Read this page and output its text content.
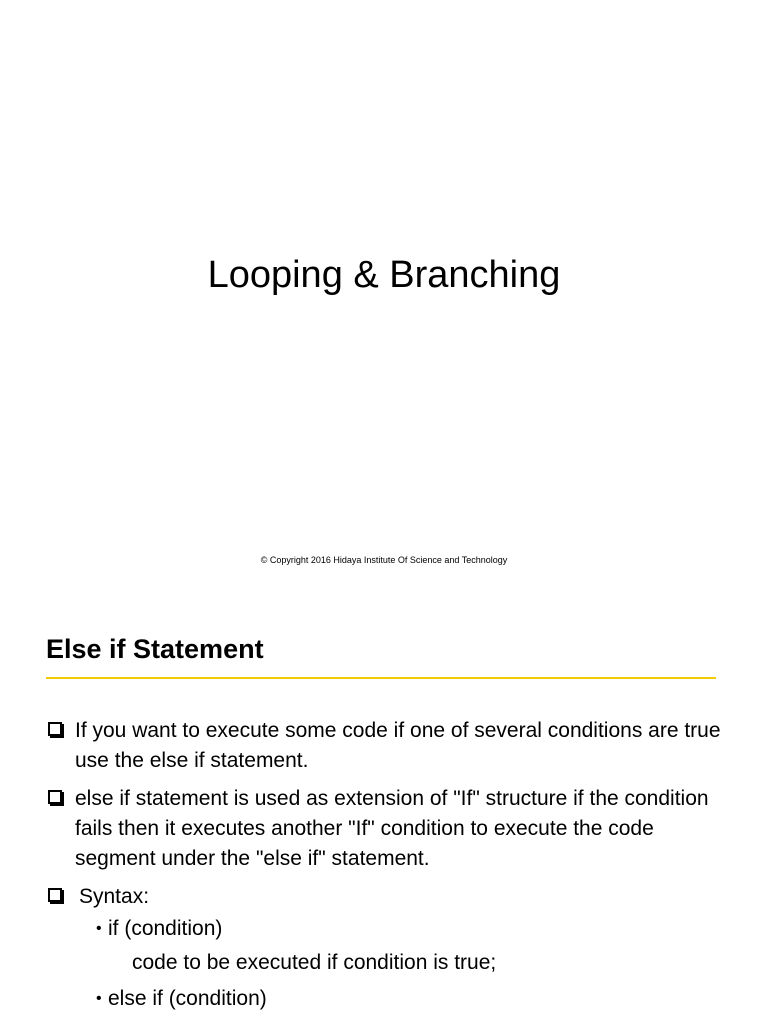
Looping & Branching
© Copyright 2016 Hidaya Institute Of Science and Technology
Else if Statement
If you want to execute some code if one of several conditions are true use the else if statement.
else if statement is used as extension of "If" structure if the condition fails then it executes another "If" condition to execute the code segment under the "else if" statement.
Syntax:
• if (condition)
code to be executed if condition is true;
• else if (condition)
